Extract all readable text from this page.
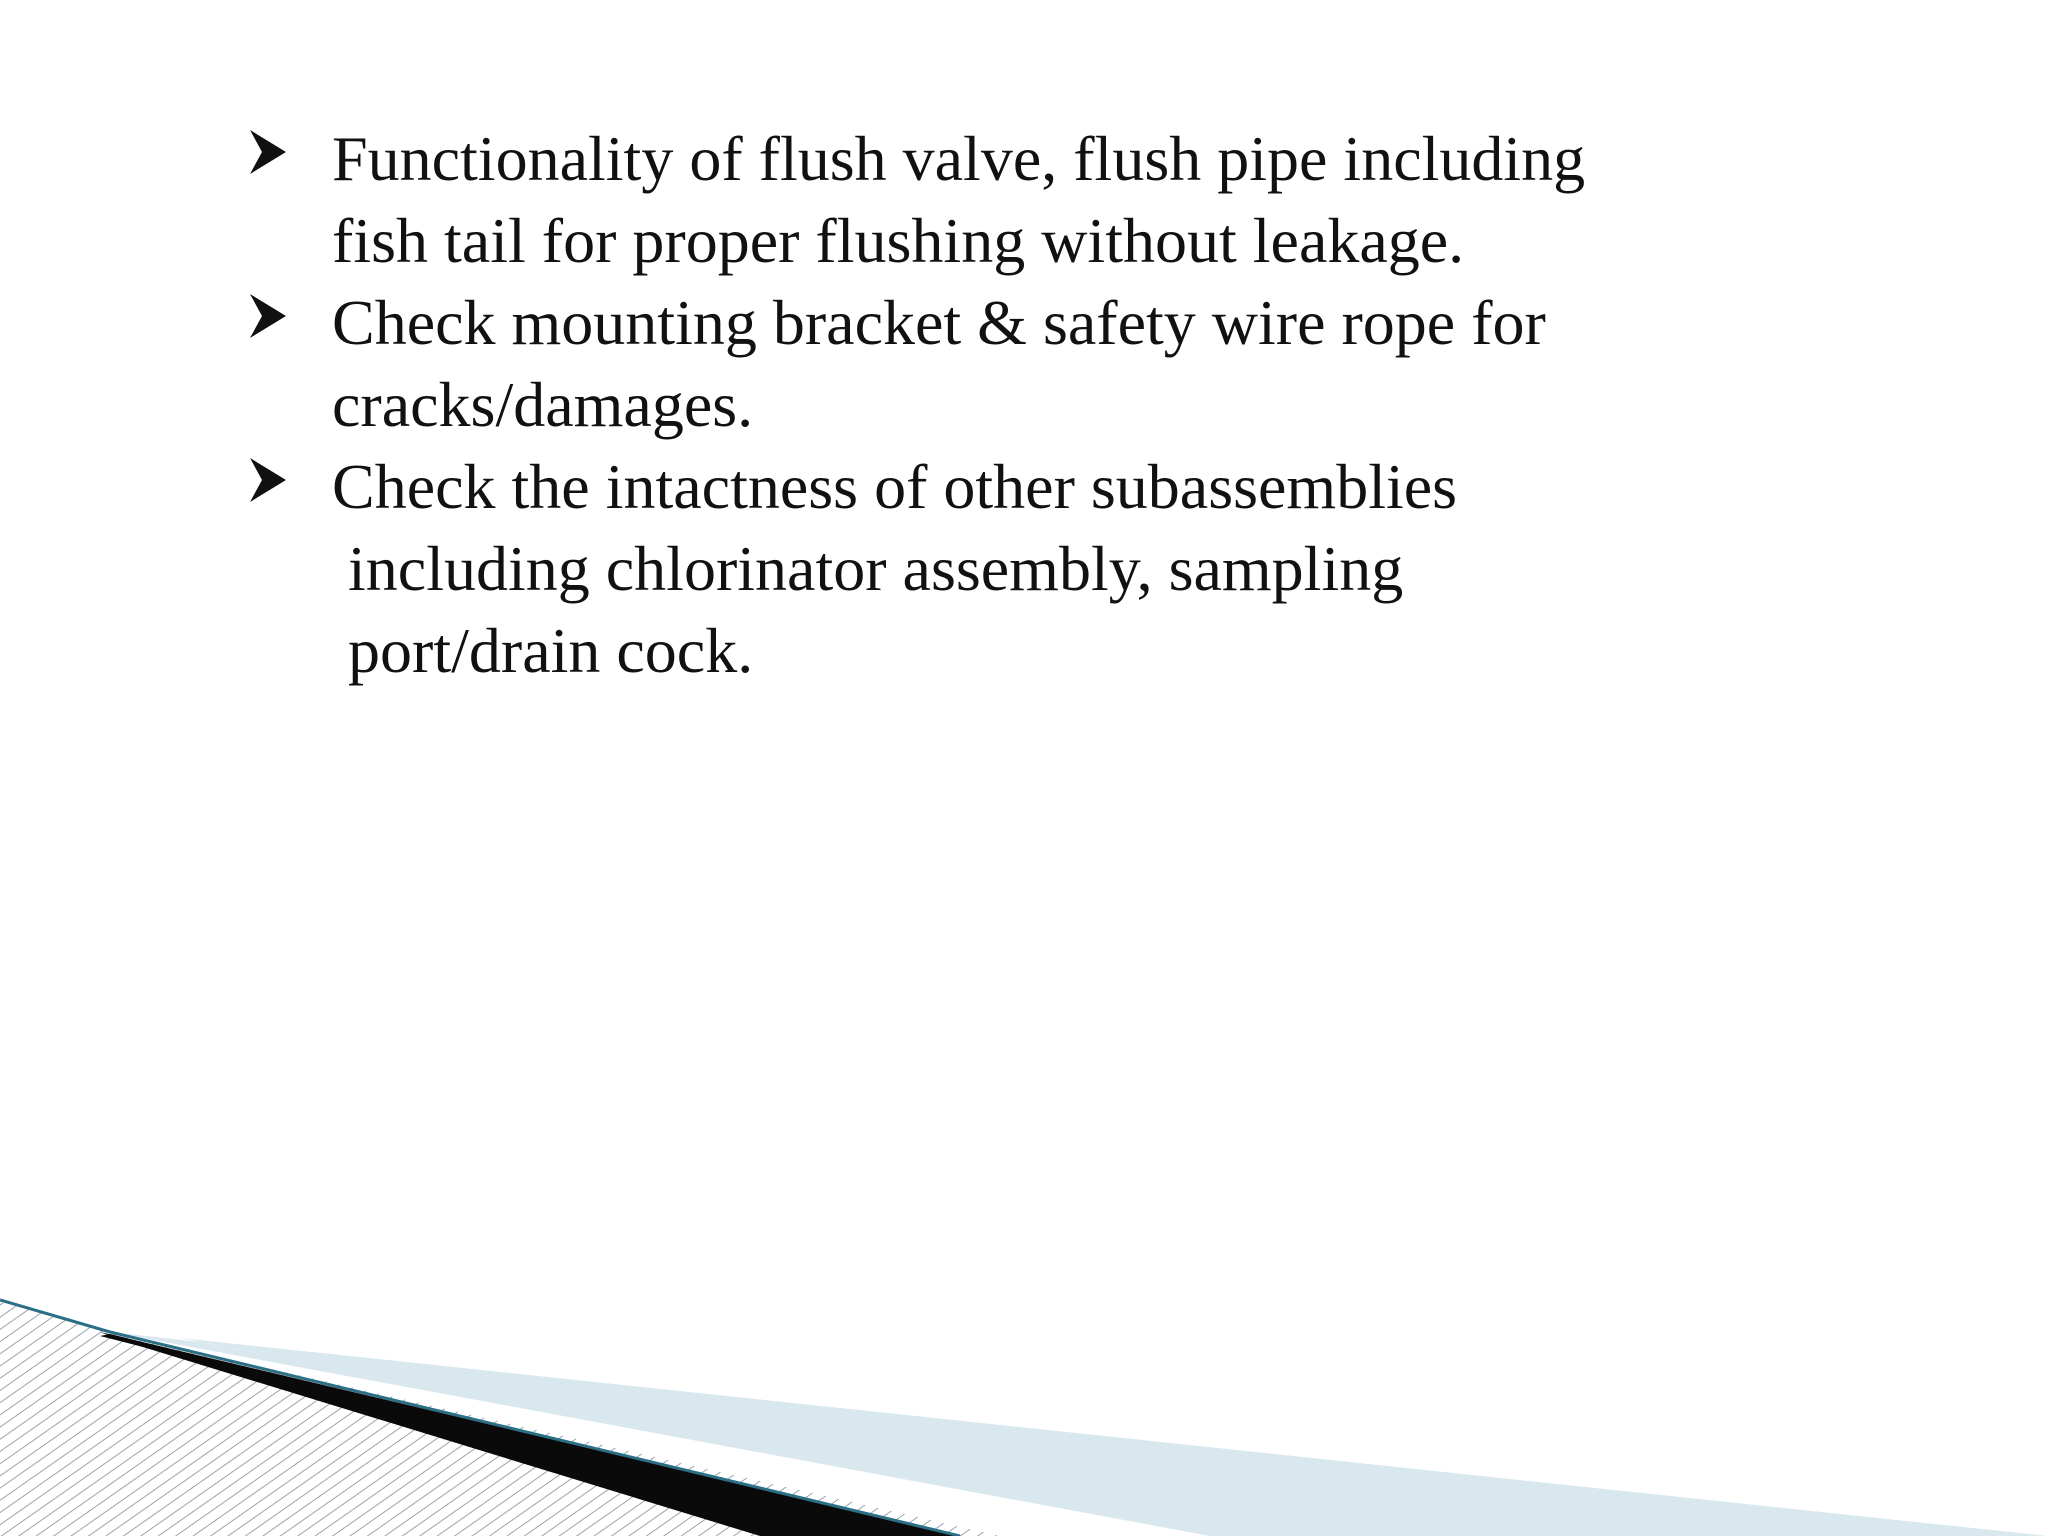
Functionality of flush valve, flush pipe including
fish tail for proper flushing without leakage.
Check mounting bracket & safety wire rope for
cracks/damages.
Check the intactness of other subassemblies
including chlorinator assembly, sampling
port/drain cock.
